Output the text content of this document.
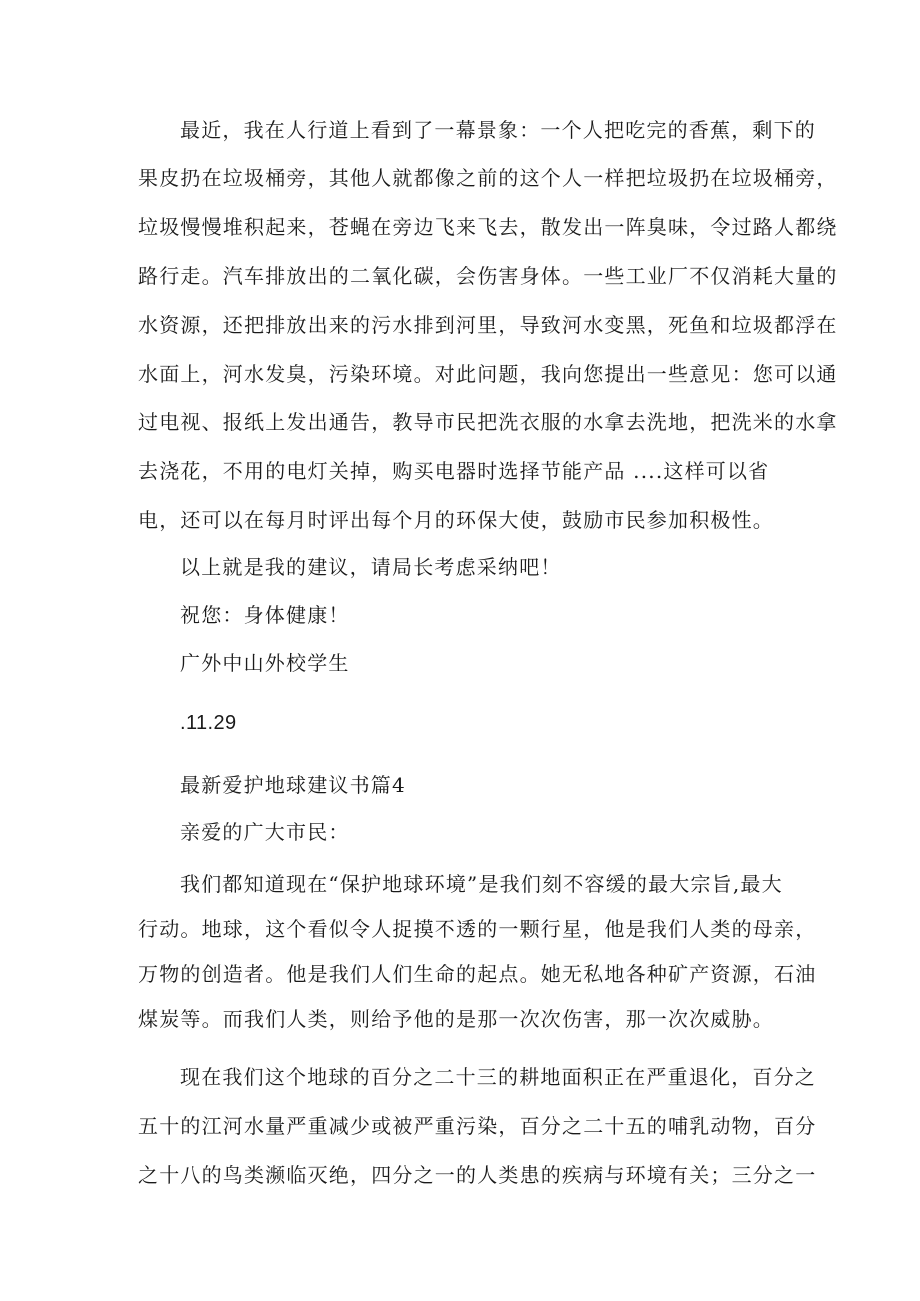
最近，我在人行道上看到了一幕景象：一个人把吃完的香蕉，剩下的
果皮扔在垃圾桶旁，其他人就都像之前的这个人一样把垃圾扔在垃圾桶旁，
垃圾慢慢堆积起来，苍蝇在旁边飞来飞去，散发出一阵臭味，令过路人都绕
路行走。汽车排放出的二氧化碳，会伤害身体。一些工业厂不仅消耗大量的
水资源，还把排放出来的污水排到河里，导致河水变黑，死鱼和垃圾都浮在
水面上，河水发臭，污染环境。对此问题，我向您提出一些意见：您可以通
过电视、报纸上发出通告，教导市民把洗衣服的水拿去洗地，把洗米的水拿
去浇花，不用的电灯关掉，购买电器时选择节能产品 ....这样可以省
电，还可以在每月时评出每个月的环保大使，鼓励市民参加积极性。
以上就是我的建议，请局长考虑采纳吧！
祝您：身体健康！
广外中山外校学生
.11.29
最新爱护地球建议书篇4
亲爱的广大市民：
我们都知道现在“保护地球环境”是我们刻不容缓的最大宗旨,最大
行动。地球，这个看似令人捉摸不透的一颗行星，他是我们人类的母亲，
万物的创造者。他是我们人们生命的起点。她无私地各种矿产资源，石油
煤炭等。而我们人类，则给予他的是那一次次伤害，那一次次威胁。
现在我们这个地球的百分之二十三的耕地面积正在严重退化，百分之
五十的江河水量严重减少或被严重污染，百分之二十五的哺乳动物，百分
之十八的鸟类濒临灭绝，四分之一的人类患的疾病与环境有关；三分之一
